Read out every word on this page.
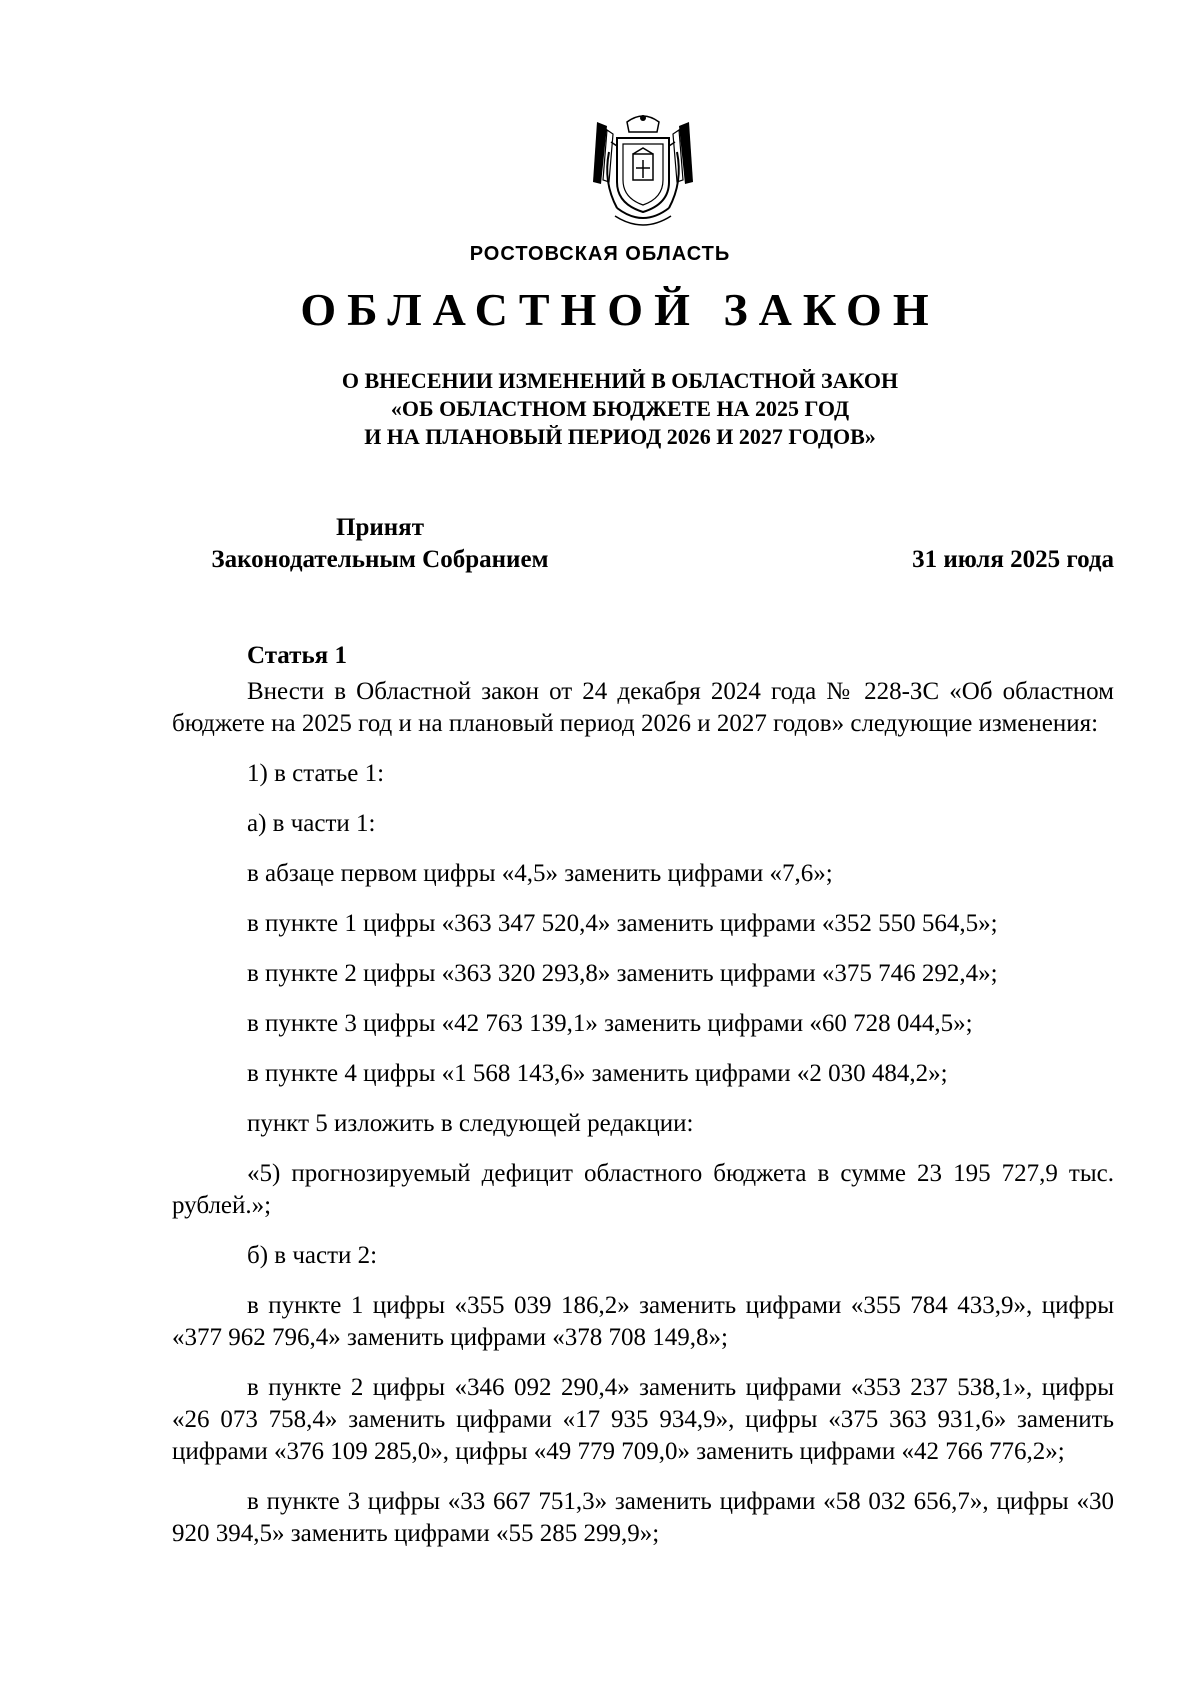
РОСТОВСКАЯ ОБЛАСТЬ
ОБЛАСТНОЙ ЗАКОН
О ВНЕСЕНИИ ИЗМЕНЕНИЙ В ОБЛАСТНОЙ ЗАКОН
«ОБ ОБЛАСТНОМ БЮДЖЕТЕ НА 2025 ГОД
И НА ПЛАНОВЫЙ ПЕРИОД 2026 И 2027 ГОДОВ»
Принят
Законодательным Собранием	31 июля 2025 года
Статья 1

Внести в Областной закон от 24 декабря 2024 года № 228-ЗС «Об областном бюджете на 2025 год и на плановый период 2026 и 2027 годов» следующие изменения:

1) в статье 1:

а) в части 1:

в абзаце первом цифры «4,5» заменить цифрами «7,6»;

в пункте 1 цифры «363 347 520,4» заменить цифрами «352 550 564,5»;

в пункте 2 цифры «363 320 293,8» заменить цифрами «375 746 292,4»;

в пункте 3 цифры «42 763 139,1» заменить цифрами «60 728 044,5»;

в пункте 4 цифры «1 568 143,6» заменить цифрами «2 030 484,2»;

пункт 5 изложить в следующей редакции:

«5) прогнозируемый дефицит областного бюджета в сумме 23 195 727,9 тыс. рублей.»;

б) в части 2:

в пункте 1 цифры «355 039 186,2» заменить цифрами «355 784 433,9», цифры «377 962 796,4» заменить цифрами «378 708 149,8»;

в пункте 2 цифры «346 092 290,4» заменить цифрами «353 237 538,1», цифры «26 073 758,4» заменить цифрами «17 935 934,9», цифры «375 363 931,6» заменить цифрами «376 109 285,0», цифры «49 779 709,0» заменить цифрами «42 766 776,2»;

в пункте 3 цифры «33 667 751,3» заменить цифрами «58 032 656,7», цифры «30 920 394,5» заменить цифрами «55 285 299,9»;
